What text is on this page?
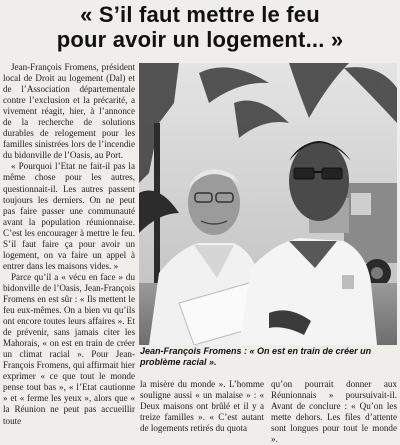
« S’il faut mettre le feu
pour avoir un logement... »

Jean-François Fromens, président local de Droit au logement (Dal) et de l’Association départementale contre l’exclusion et la précarité, a vivement réagit, hier, à l’annonce de la recherche de solutions durables de relogement pour les familles sinistrées lors de l’incendie du bidonville de l’Oasis, au Port.

« Pourquoi l’Etat ne fait-il pas la même chose pour les autres, questionnait-il. Les autres passent toujours les derniers. On ne peut pas faire passer une communauté avant la population réunionnaise. C’est les encourager à mettre le feu. S’il faut faire ça pour avoir un logement, on va faire un appel à entrer dans les maisons vides. »

Parce qu’il a « vécu en face » du bidonville de l’Oasis, Jean-François Fromens en est sûr : « Ils mettent le feu eux-mêmes. On a bien vu qu’ils ont encore toutes leurs affaires ». Et de prévenir, sans jamais citer les Mahorais, « on est en train de créer un climat racial ». Pour Jean-François Fromens, qui affirmait hier exprimer « ce que tout le monde pense tout bas », « l’Etat cautionne » et « ferme les yeux », alors que « la Réunion ne peut pas accueillir toute

Jean-François Fromens : « On est en train de créer un problème racial ».

la misère du monde ». L’homme souligne aussi « un malaise » : « Deux maisons ont brûlé et il y a treize familles ». « C’est autant de logements retirés du quota

qu’on pourrait donner aux Réunionnais » poursuivait-il. Avant de conclure : « Qu’on les mette dehors. Les files d’attente sont longues pour tout le monde ».
